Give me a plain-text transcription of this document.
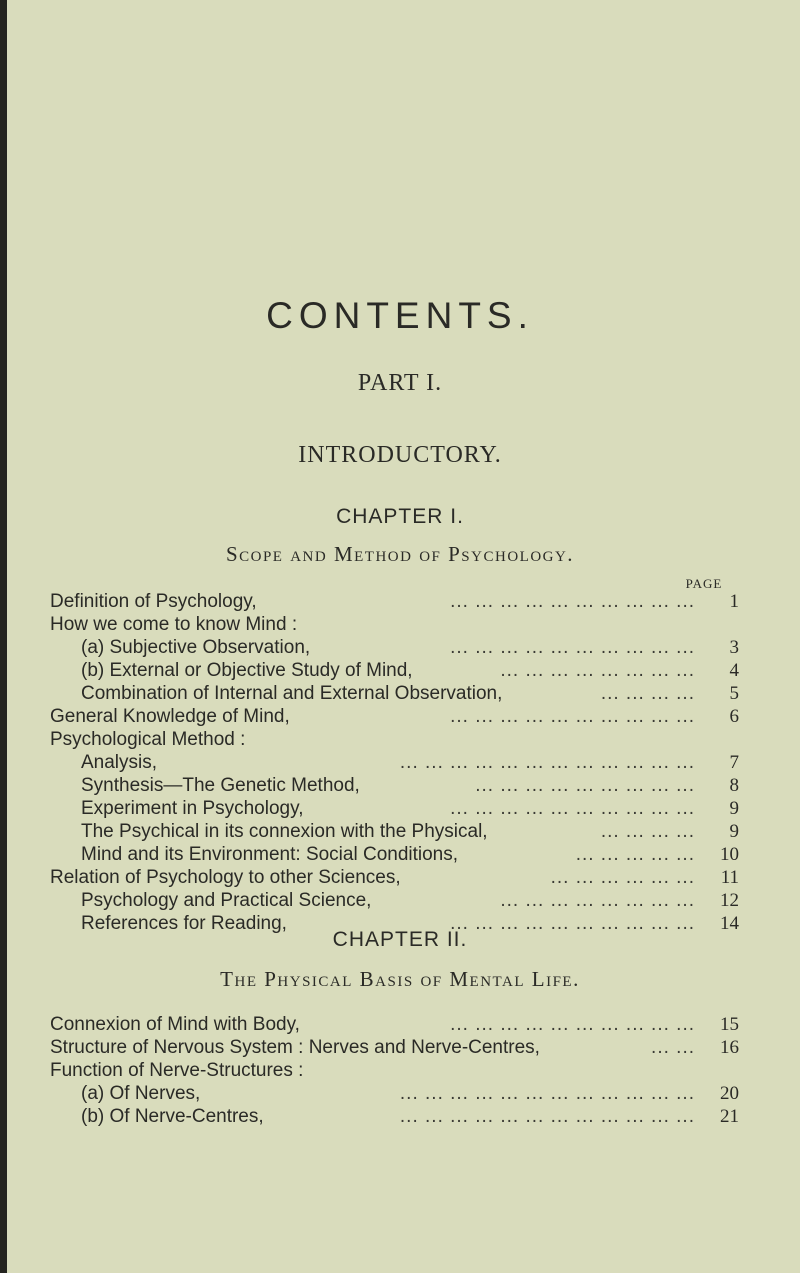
CONTENTS.
PART I.
INTRODUCTORY.
CHAPTER I.
Scope and Method of Psychology.
PAGE
Definition of Psychology,	... ... ... ... ... ... ... ... ... ...	1
How we come to know Mind :
(a) Subjective Observation,	... ... ... ... ... ... ... ... ... ...	3
(b) External or Objective Study of Mind,	... ... ... ... ... ... ... ...	4
Combination of Internal and External Observation,	... ... ... ...	5
General Knowledge of Mind,	... ... ... ... ... ... ... ... ... ...	6
Psychological Method :
Analysis,	... ... ... ... ... ... ... ... ... ... ... ...	7
Synthesis—The Genetic Method,	... ... ... ... ... ... ... ... ...	8
Experiment in Psychology,	... ... ... ... ... ... ... ... ... ...	9
The Psychical in its connexion with the Physical,	... ... ... ...	9
Mind and its Environment: Social Conditions,	... ... ... ... ...	10
Relation of Psychology to other Sciences,	... ... ... ... ... ...	11
Psychology and Practical Science,	... ... ... ... ... ... ... ...	12
References for Reading,	... ... ... ... ... ... ... ... ... ...	14
CHAPTER II.
The Physical Basis of Mental Life.
Connexion of Mind with Body,	... ... ... ... ... ... ... ... ... ...	15
Structure of Nervous System : Nerves and Nerve-Centres,	... ...	16
Function of Nerve-Structures :
(a) Of Nerves,	... ... ... ... ... ... ... ... ... ... ... ...	20
(b) Of Nerve-Centres,	... ... ... ... ... ... ... ... ... ... ... ...	21
